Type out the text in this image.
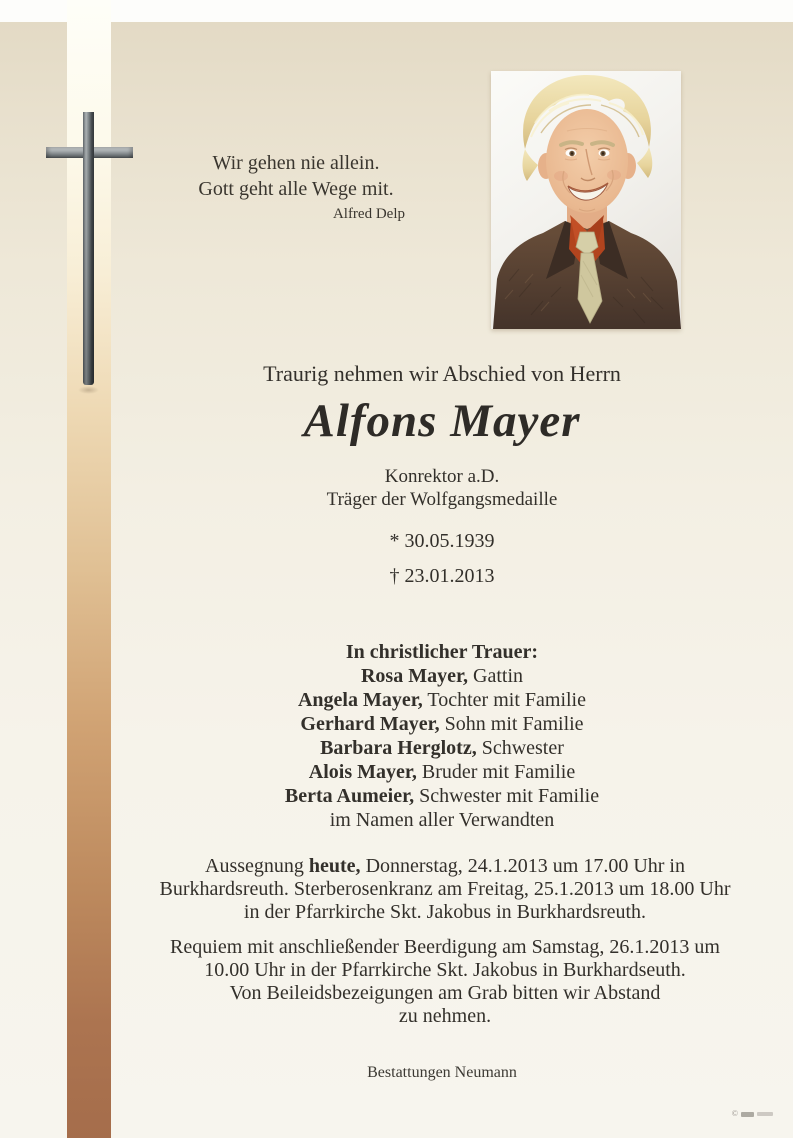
Wir gehen nie allein.
Gott geht alle Wege mit.
Alfred Delp
Traurig nehmen wir Abschied von Herrn
Alfons Mayer
Konrektor a.D.
Träger der Wolfgangsmedaille
* 30.05.1939
† 23.01.2013
In christlicher Trauer:
Rosa Mayer, Gattin
Angela Mayer, Tochter mit Familie
Gerhard Mayer, Sohn mit Familie
Barbara Herglotz, Schwester
Alois Mayer, Bruder mit Familie
Berta Aumeier, Schwester mit Familie
im Namen aller Verwandten
Aussegnung heute, Donnerstag, 24.1.2013 um 17.00 Uhr in
Burkhardsreuth. Sterberosenkranz am Freitag, 25.1.2013 um 18.00 Uhr
in der Pfarrkirche Skt. Jakobus in Burkhardsreuth.
Requiem mit anschließender Beerdigung am Samstag, 26.1.2013 um
10.00 Uhr in der Pfarrkirche Skt. Jakobus in Burkhardseuth.
Von Beileidsbezeigungen am Grab bitten wir Abstand
zu nehmen.
Bestattungen Neumann
©
